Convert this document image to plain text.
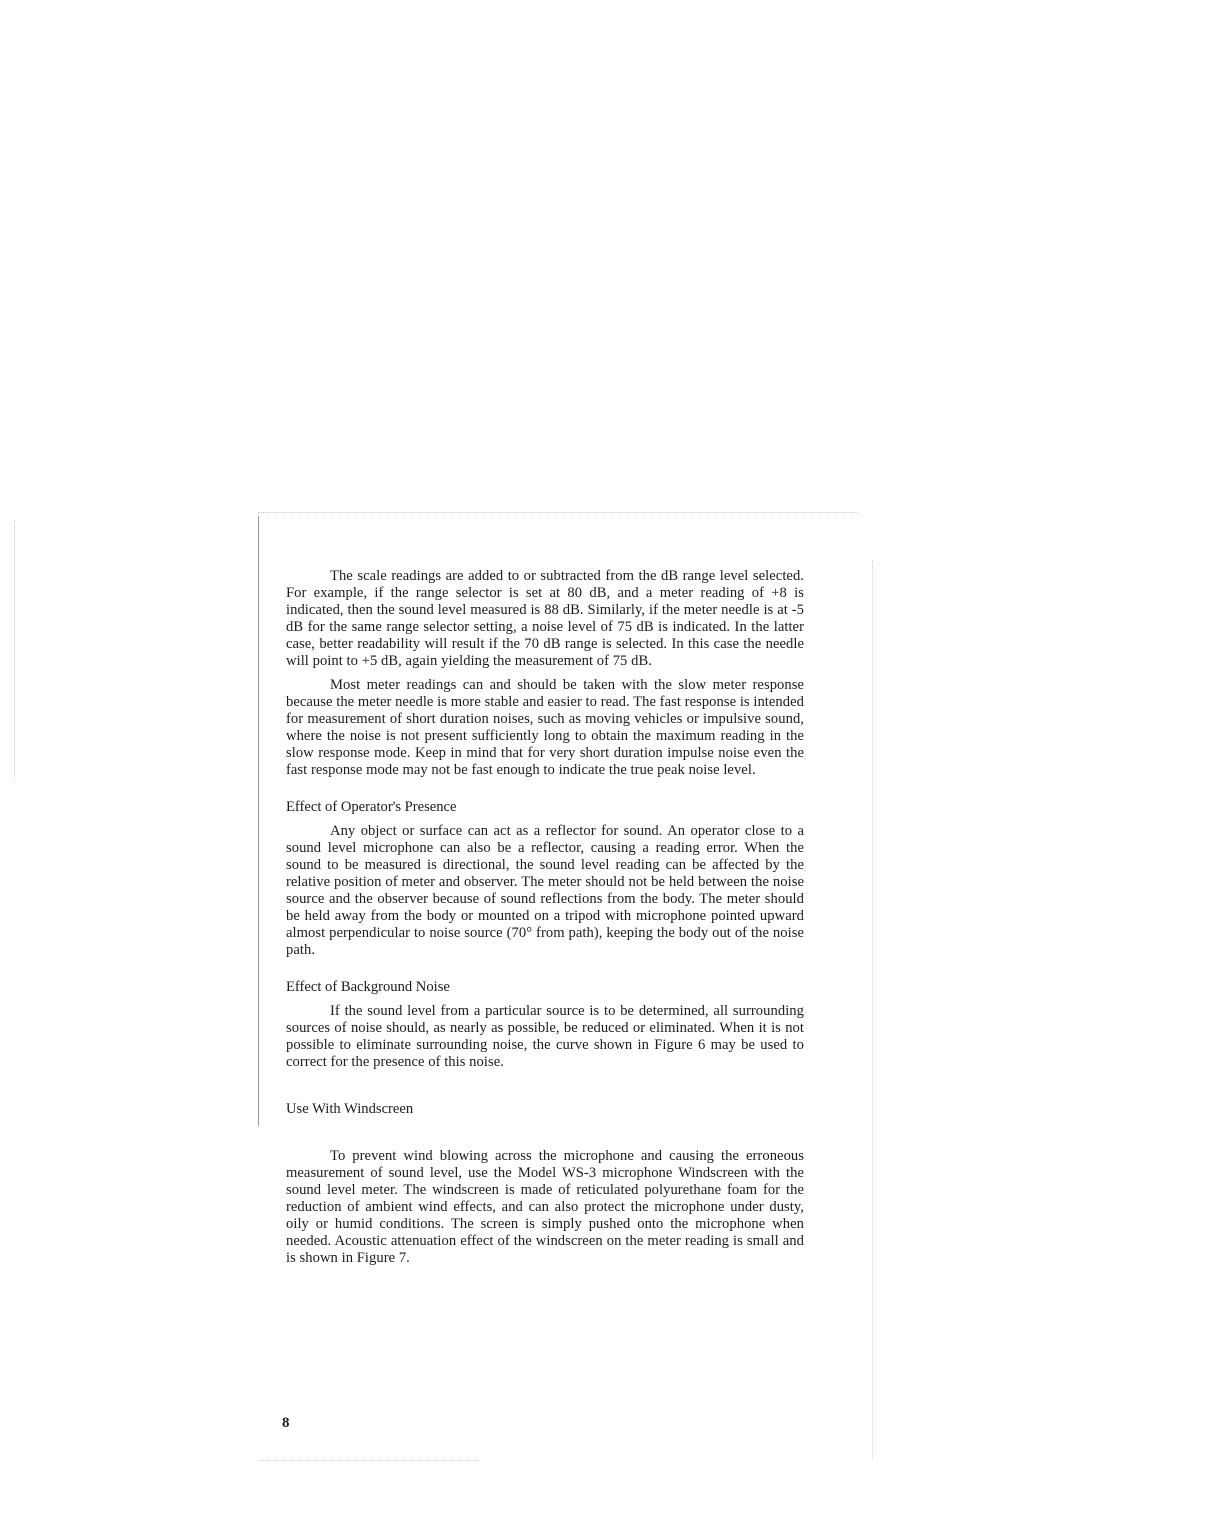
The scale readings are added to or subtracted from the dB range level selected. For example, if the range selector is set at 80 dB, and a meter reading of +8 is indicated, then the sound level measured is 88 dB. Similarly, if the meter needle is at -5 dB for the same range selector setting, a noise level of 75 dB is indicated. In the latter case, better readability will result if the 70 dB range is selected. In this case the needle will point to +5 dB, again yielding the measurement of 75 dB.

Most meter readings can and should be taken with the slow meter response because the meter needle is more stable and easier to read. The fast response is intended for measurement of short duration noises, such as moving vehicles or impulsive sound, where the noise is not present sufficiently long to obtain the maximum reading in the slow response mode. Keep in mind that for very short duration impulse noise even the fast response mode may not be fast enough to indicate the true peak noise level.

Effect of Operator's Presence

Any object or surface can act as a reflector for sound. An operator close to a sound level microphone can also be a reflector, causing a reading error. When the sound to be measured is directional, the sound level reading can be affected by the relative position of meter and observer. The meter should not be held between the noise source and the observer because of sound reflections from the body. The meter should be held away from the body or mounted on a tripod with microphone pointed upward almost perpendicular to noise source (70° from path), keeping the body out of the noise path.

Effect of Background Noise

If the sound level from a particular source is to be determined, all surrounding sources of noise should, as nearly as possible, be reduced or eliminated. When it is not possible to eliminate surrounding noise, the curve shown in Figure 6 may be used to correct for the presence of this noise.

Use With Windscreen

To prevent wind blowing across the microphone and causing the erroneous measurement of sound level, use the Model WS-3 microphone Windscreen with the sound level meter. The windscreen is made of reticulated polyurethane foam for the reduction of ambient wind effects, and can also protect the microphone under dusty, oily or humid conditions. The screen is simply pushed onto the microphone when needed. Acoustic attenuation effect of the windscreen on the meter reading is small and is shown in Figure 7.

8
